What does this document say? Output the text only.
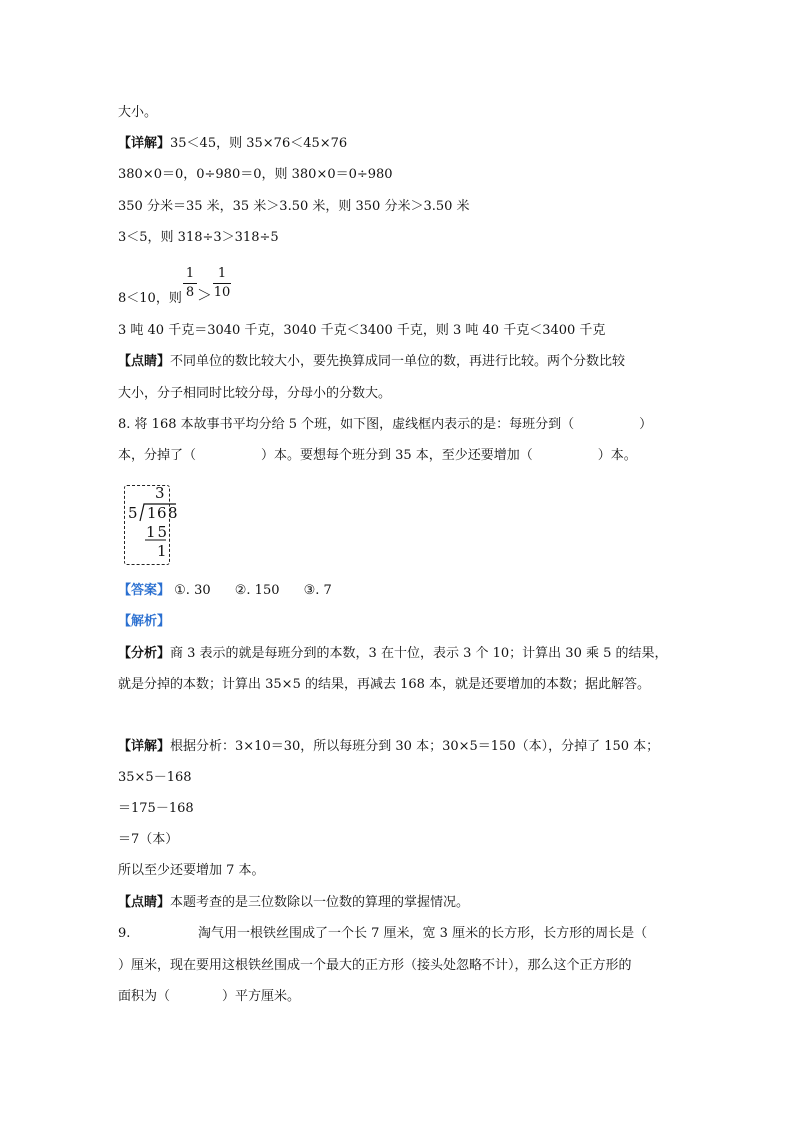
大小。
【详解】35＜45，则 35×76＜45×76
380×0＝0，0÷980＝0，则 380×0＝0÷980
350 分米＝35 米，35 米＞3.50 米，则 350 分米＞3.50 米
3＜5，则 318÷3＞318÷5
8＜10，则
1
8 ＞
1
10
3 吨 40 千克＝3040 千克，3040 千克＜3400 千克，则 3 吨 40 千克＜3400 千克
【点睛】不同单位的数比较大小，要先换算成同一单位的数，再进行比较。两个分数比较
大小，分子相同时比较分母，分母小的分数大。
8. 将 168 本故事书平均分给 5 个班，如下图，虚线框内表示的是：每班分到（　　　　　）
本，分掉了（　　　　　）本。要想每个班分到 35 本，至少还要增加（　　　　　）本。
3
5 1 6 8
15
1
【答案】 ①. 30 ②. 150 ③. 7
【解析】
【分析】商 3 表示的就是每班分到的本数，3 在十位，表示 3 个 10；计算出 30 乘 5 的结果，
就是分掉的本数；计算出 35×5 的结果，再减去 168 本，就是还要增加的本数；据此解答。
【详解】根据分析：3×10＝30，所以每班分到 30 本；30×5＝150（本），分掉了 150 本；
35×5－168
＝175－168
＝7（本）
所以至少还要增加 7 本。
【点睛】本题考查的是三位数除以一位数的算理的掌握情况。
9.	淘气用一根铁丝围成了一个长 7 厘米，宽 3 厘米的长方形，长方形的周长是（
）厘米，现在要用这根铁丝围成一个最大的正方形（接头处忽略不计），那么这个正方形的
面积为（　　　　）平方厘米。
